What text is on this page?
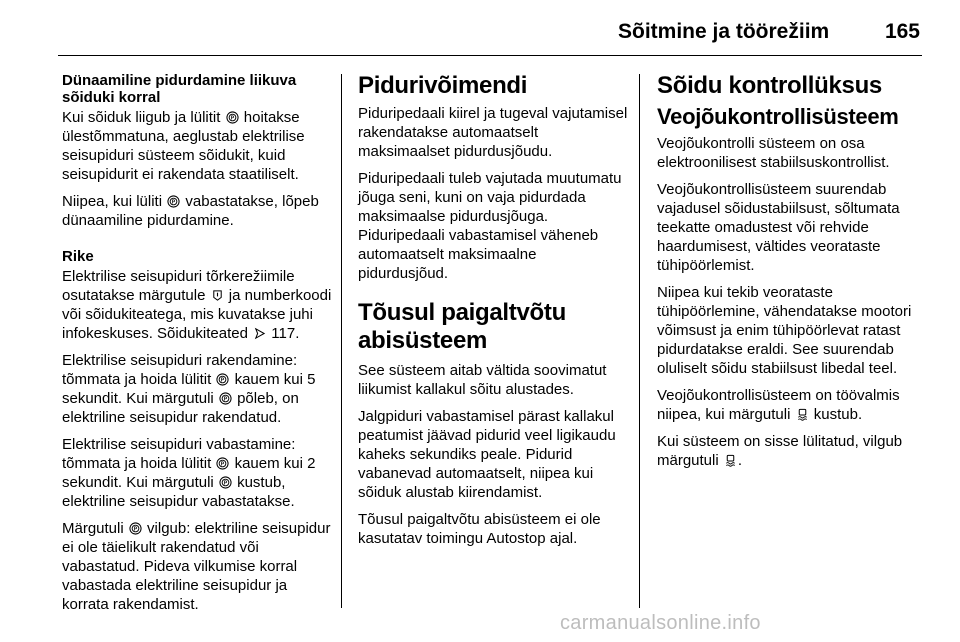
Sõitmine ja töörežiim	165
Dünaamiline pidurdamine liikuva sõiduki korral

Kui sõiduk liigub ja lülitit hoitakse ülestõmmatuna, aeglustab elektrilise seisupiduri süsteem sõidukit, kuid seisupidurit ei rakendata staatiliselt.

Niipea, kui lüliti vabastatakse, lõpeb dünaamiline pidurdamine.

Rike

Elektrilise seisupiduri tõrkerežiimile osutatakse märgutule ja numberkoodi või sõidukiteatega, mis kuvatakse juhi infokeskuses. Sõidukiteated 117.

Elektrilise seisupiduri rakendamine: tõmmata ja hoida lülitit kauem kui 5 sekundit. Kui märgutuli põleb, on elektriline seisupidur rakendatud.

Elektrilise seisupiduri vabastamine: tõmmata ja hoida lülitit kauem kui 2 sekundit. Kui märgutuli kustub, elektriline seisupidur vabastatakse.

Märgutuli vilgub: elektriline seisupidur ei ole täielikult rakendatud või vabastatud. Pideva vilkumise korral vabastada elektriline seisupidur ja korrata rakendamist.

Pidurivõimendi

Piduripedaali kiirel ja tugeval vajutamisel rakendatakse automaatselt maksimaalset pidurdusjõudu.

Piduripedaali tuleb vajutada muutumatu jõuga seni, kuni on vaja pidurdada maksimaalse pidurdusjõuga. Piduripedaali vabastamisel väheneb automaatselt maksimaalne pidurdusjõud.

Tõusul paigaltvõtu abisüsteem

See süsteem aitab vältida soovimatut liikumist kallakul sõitu alustades.

Jalgpiduri vabastamisel pärast kallakul peatumist jäävad pidurid veel ligikaudu kaheks sekundiks peale. Pidurid vabanevad automaatselt, niipea kui sõiduk alustab kiirendamist.

Tõusul paigaltvõtu abisüsteem ei ole kasutatav toimingu Autostop ajal.

Sõidu kontrollüksus
Veojõukontrollisüsteem

Veojõukontrolli süsteem on osa elektroonilisest stabiilsuskontrollist.

Veojõukontrollisüsteem suurendab vajadusel sõidustabiilsust, sõltumata teekatte omadustest või rehvide haardumisest, vältides veorataste tühipöörlemist.

Niipea kui tekib veorataste tühipöörlemine, vähendatakse mootori võimsust ja enim tühipöörlevat ratast pidurdatakse eraldi. See suurendab oluliselt sõidu stabiilsust libedal teel.

Veojõukontrollisüsteem on töövalmis niipea, kui märgutuli kustub.

Kui süsteem on sisse lülitatud, vilgub märgutuli .

carmanualsonline.info
